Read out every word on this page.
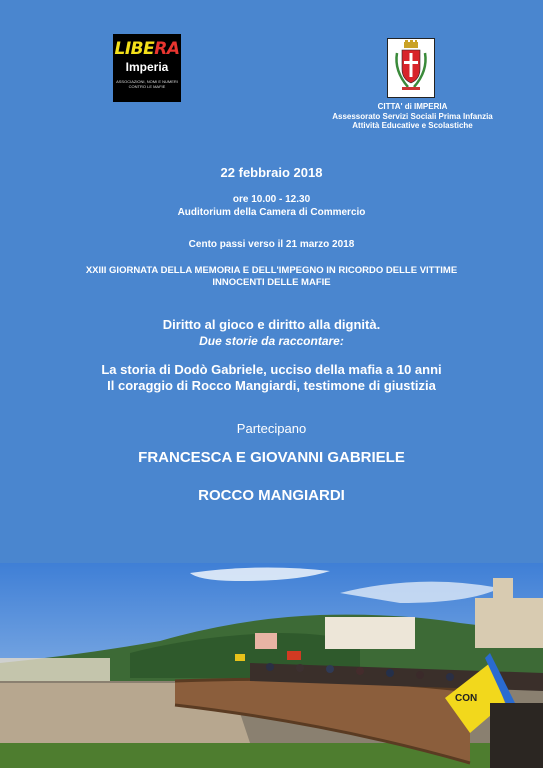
LIBERA
Imperia
ASSOCIAZIONI, NOMI E NUMERI CONTRO LE MAFIE
CITTA' di IMPERIA
Assessorato Servizi Sociali Prima Infanzia
Attività Educative e Scolastiche
22 febbraio 2018
ore 10.00 - 12.30
Auditorium della Camera di Commercio
Cento passi verso il 21 marzo 2018
XXIII GIORNATA DELLA MEMORIA E DELL'IMPEGNO IN RICORDO DELLE VITTIME
INNOCENTI DELLE MAFIE
Diritto al gioco e diritto alla dignità.
Due storie da raccontare:
La storia di Dodò Gabriele, ucciso della mafia a 10 anni
Il coraggio di Rocco Mangiardi, testimone di giustizia
Partecipano
FRANCESCA E GIOVANNI GABRIELE
ROCCO MANGIARDI
CON
